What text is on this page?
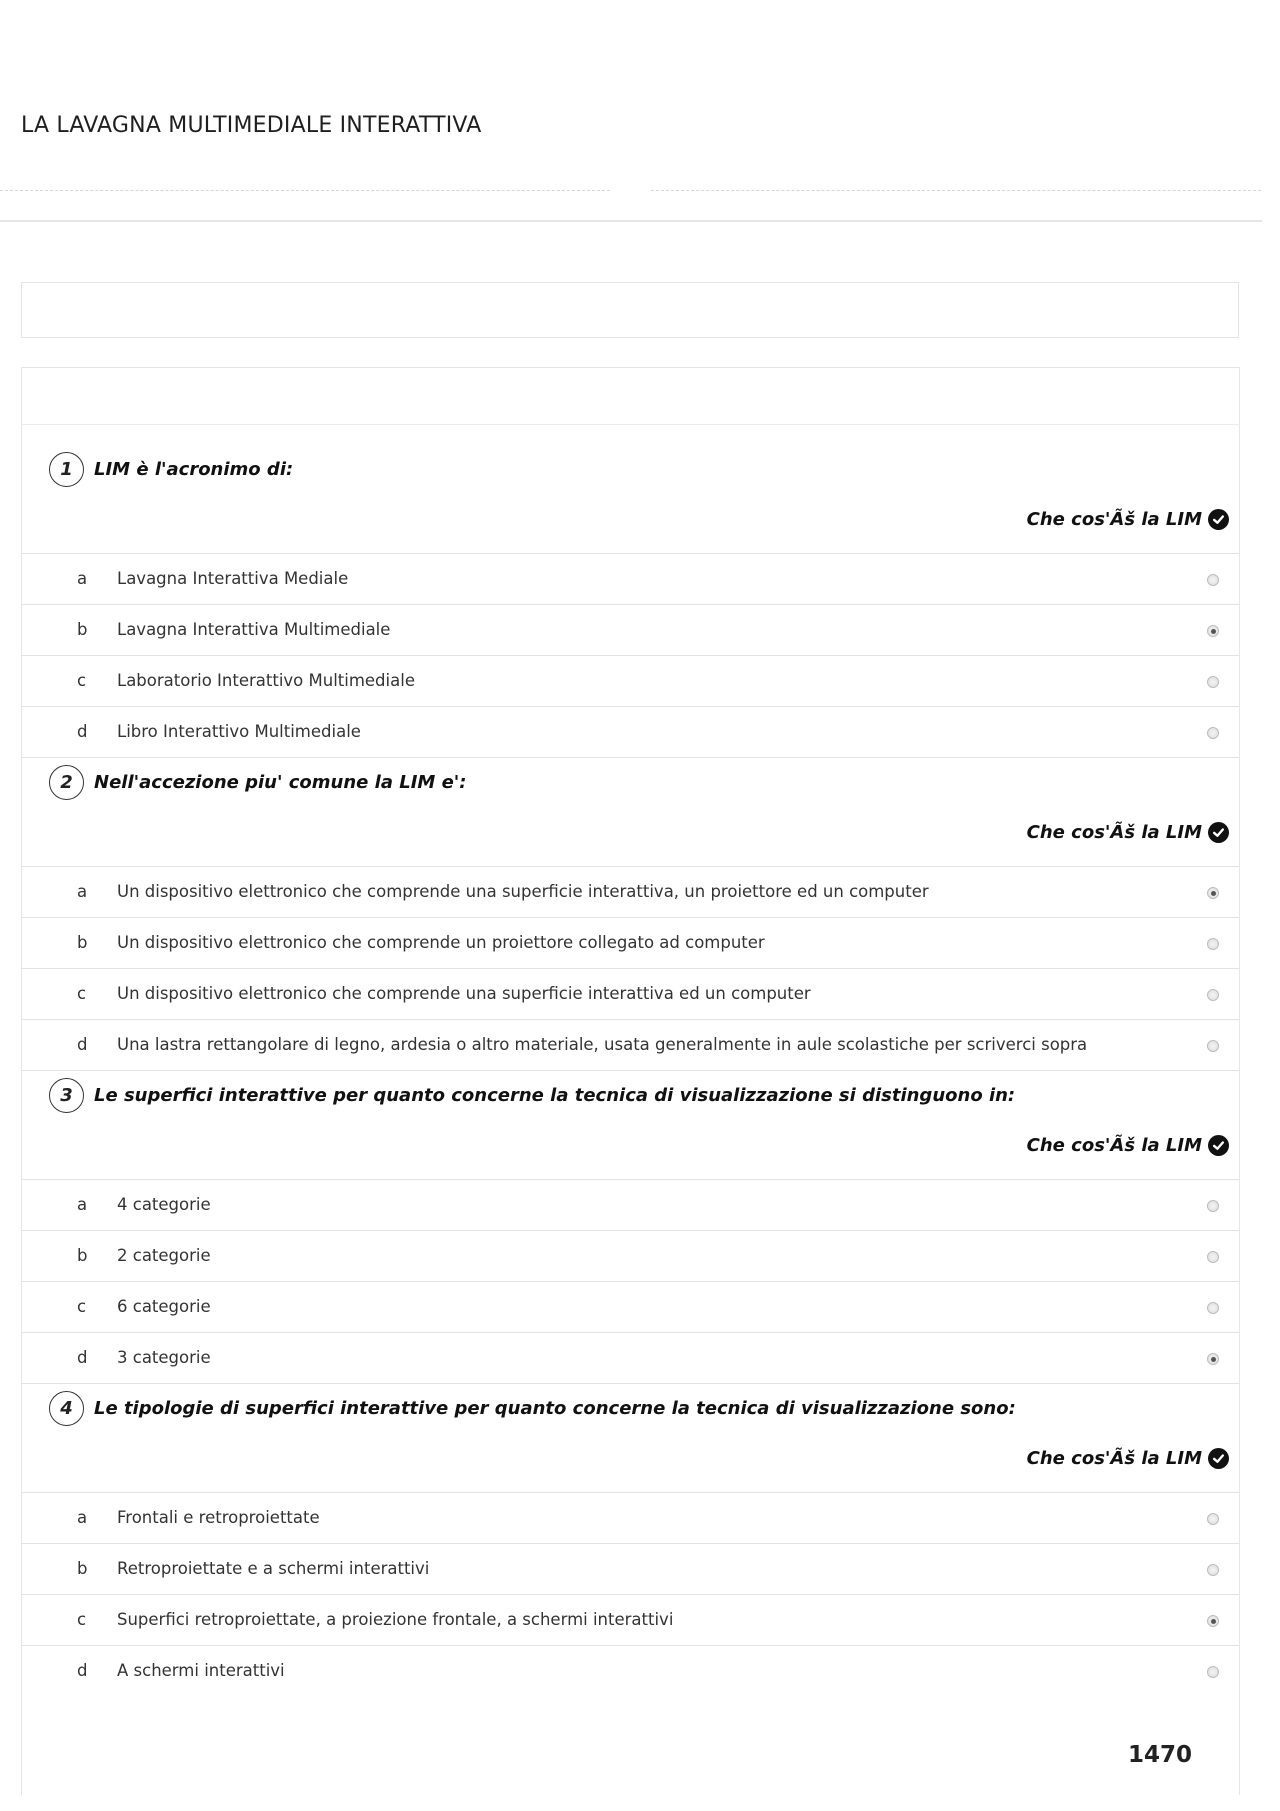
LA LAVAGNA MULTIMEDIALE INTERATTIVA
1	LIM è l'acronimo di:
Che cos'Ãš la LIM
a Lavagna Interattiva Mediale
b Lavagna Interattiva Multimediale
c Laboratorio Interattivo Multimediale
d Libro Interattivo Multimediale
2	Nell'accezione piu' comune la LIM e':
Che cos'Ãš la LIM
a Un dispositivo elettronico che comprende una superficie interattiva, un proiettore ed un computer
b Un dispositivo elettronico che comprende un proiettore collegato ad computer
c Un dispositivo elettronico che comprende una superficie interattiva ed un computer
d Una lastra rettangolare di legno, ardesia o altro materiale, usata generalmente in aule scolastiche per scriverci sopra
3	Le superfici interattive per quanto concerne la tecnica di visualizzazione si distinguono in:
Che cos'Ãš la LIM
a 4 categorie
b 2 categorie
c 6 categorie
d 3 categorie
4	Le tipologie di superfici interattive per quanto concerne la tecnica di visualizzazione sono:
Che cos'Ãš la LIM
a Frontali e retroproiettate
b Retroproiettate e a schermi interattivi
c Superfici retroproiettate, a proiezione frontale, a schermi interattivi
d A schermi interattivi
1470
